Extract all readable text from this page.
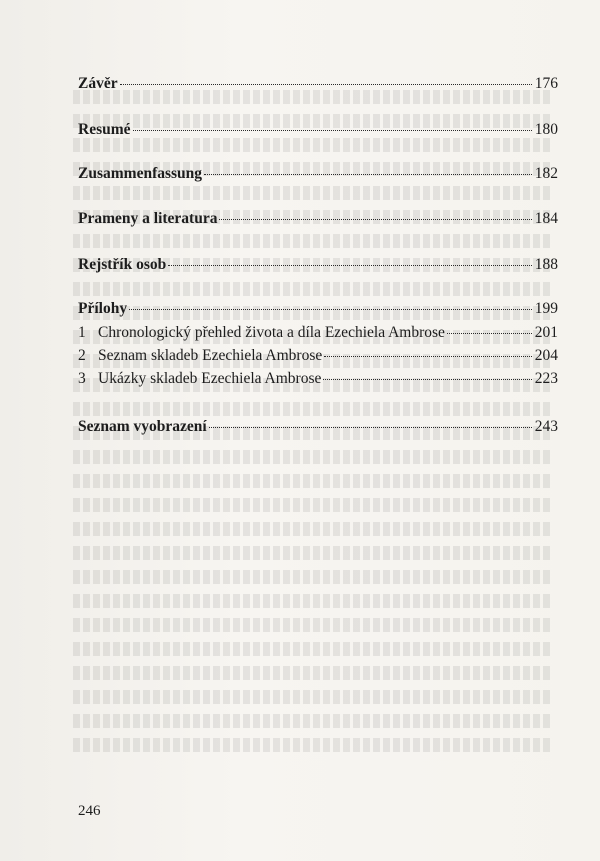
Závěr	176
Resumé	180
Zusammenfassung	182
Prameny a literatura	184
Rejstřík osob	188
Přílohy	199
1 Chronologický přehled života a díla Ezechiela Ambrose	201
2 Seznam skladeb Ezechiela Ambrose	204
3 Ukázky skladeb Ezechiela Ambrose	223
Seznam vyobrazení	243
246
